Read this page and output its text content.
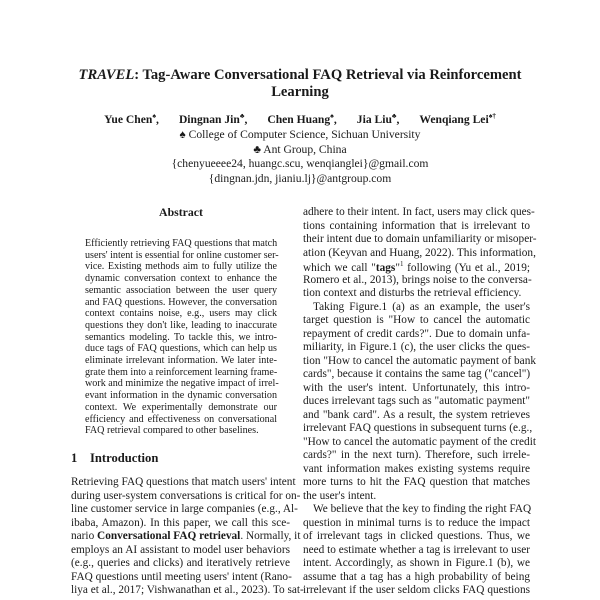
TRAVEL: Tag-Aware Conversational FAQ Retrieval via Reinforcement
Learning
Yue Chen♠, Dingnan Jin♣, Chen Huang♠, Jia Liu♣, Wenqiang Lei♠†
♠ College of Computer Science, Sichuan University
♣ Ant Group, China
{chenyueeee24, huangc.scu, wenqianglei}@gmail.com
{dingnan.jdn, jianiu.lj}@antgroup.com
Abstract
Efficiently retrieving FAQ questions that match
users' intent is essential for online customer ser-
vice. Existing methods aim to fully utilize the
dynamic conversation context to enhance the
semantic association between the user query
and FAQ questions. However, the conversation
context contains noise, e.g., users may click
questions they don't like, leading to inaccurate
semantics modeling. To tackle this, we intro-
duce tags of FAQ questions, which can help us
eliminate irrelevant information. We later inte-
grate them into a reinforcement learning frame-
work and minimize the negative impact of irrel-
evant information in the dynamic conversation
context. We experimentally demonstrate our
efficiency and effectiveness on conversational
FAQ retrieval compared to other baselines.
1 Introduction
Retrieving FAQ questions that match users' intent
during user-system conversations is critical for on-
line customer service in large companies (e.g., Al-
ibaba, Amazon). In this paper, we call this sce-
nario Conversational FAQ retrieval. Normally, it
employs an AI assistant to model user behaviors
(e.g., queries and clicks) and iteratively retrieve
FAQ questions until meeting users' intent (Rano-
liya et al., 2017; Vishwanathan et al., 2023). To sat-
adhere to their intent. In fact, users may click ques-
tions containing information that is irrelevant to
their intent due to domain unfamiliarity or misoper-
ation (Keyvan and Huang, 2022). This information,
which we call "tags"$^1$ following (Yu et al., 2019;
Romero et al., 2013), brings noise to the conversa-
tion context and disturbs the retrieval efficiency.
Taking Figure.1 (a) as an example, the user's
target question is "How to cancel the automatic
repayment of credit cards?". Due to domain unfa-
miliarity, in Figure.1 (c), the user clicks the ques-
tion "How to cancel the automatic payment of bank
cards", because it contains the same tag ("cancel")
with the user's intent. Unfortunately, this intro-
duces irrelevant tags such as "automatic payment"
and "bank card". As a result, the system retrieves
irrelevant FAQ questions in subsequent turns (e.g.,
"How to cancel the automatic payment of the credit
cards?" in the next turn). Therefore, such irrele-
vant information makes existing systems require
more turns to hit the FAQ question that matches
the user's intent.
We believe that the key to finding the right FAQ
question in minimal turns is to reduce the impact
of irrelevant tags in clicked questions. Thus, we
need to estimate whether a tag is irrelevant to user
intent. Accordingly, as shown in Figure.1 (b), we
assume that a tag has a high probability of being
irrelevant if the user seldom clicks FAQ questions
